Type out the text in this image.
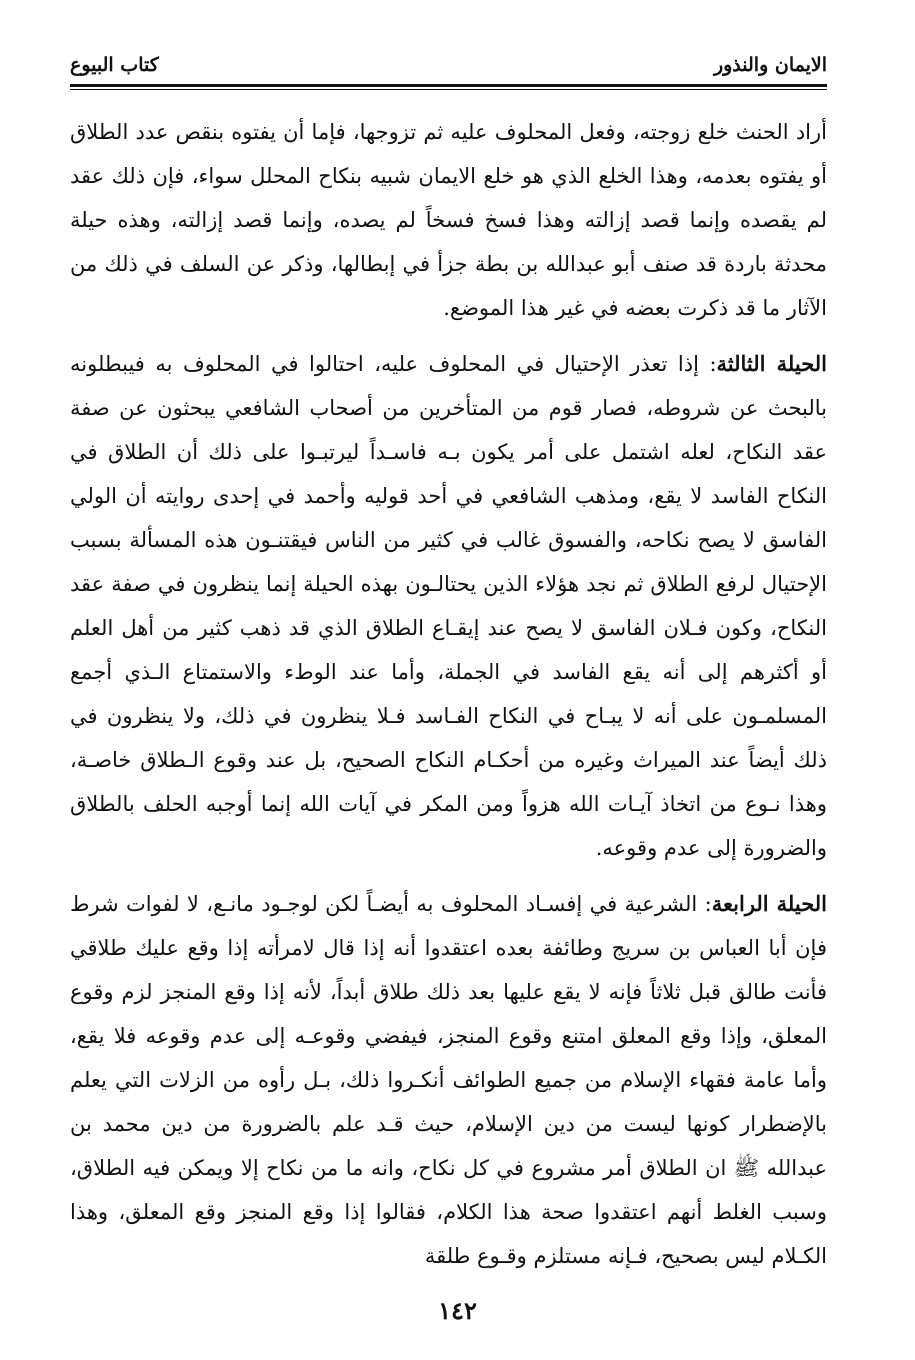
كتاب البيوع	الايمان والنذور

أراد الحنث خلع زوجته، وفعل المحلوف عليه ثم تزوجها، فإما أن يفتوه بنقص عدد الطلاق أو يفتوه بعدمه، وهذا الخلع الذي هو خلع الايمان شبيه بنكاح المحلل سواء، فإن ذلك عقد لم يقصده وإنما قصد إزالته وهذا فسخ فسخاً لم يصده، وإنما قصد إزالته، وهذه حيلة محدثة باردة قد صنف أبو عبدالله بن بطة جزأ في إبطالها، وذكر عن السلف في ذلك من الآثار ما قد ذكرت بعضه في غير هذا الموضع.

الحيلة الثالثة: إذا تعذر الإحتيال في المحلوف عليه، احتالوا في المحلوف به فيبطلونه بالبحث عن شروطه، فصار قوم من المتأخرين من أصحاب الشافعي يبحثون عن صفة عقد النكاح، لعله اشتمل على أمر يكون بـه فاسـداً ليرتبـوا على ذلك أن الطلاق في النكاح الفاسد لا يقع، ومذهب الشافعي في أحد قوليه وأحمد في إحدى روايته أن الولي الفاسق لا يصح نكاحه، والفسوق غالب في كثير من الناس فيقتنـون هذه المسألة بسبب الإحتيال لرفع الطلاق ثم نجد هؤلاء الذين يحتالـون بهذه الحيلة إنما ينظرون في صفة عقد النكاح، وكون فـلان الفاسق لا يصح عند إيقـاع الطلاق الذي قد ذهب كثير من أهل العلم أو أكثرهم إلى أنه يقع الفاسد في الجملة، وأما عند الوطء والاستمتاع الـذي أجمع المسلمـون على أنه لا يبـاح في النكاح الفـاسد فـلا ينظرون في ذلك، ولا ينظرون في ذلك أيضاً عند الميراث وغيره من أحكـام النكاح الصحيح، بل عند وقوع الـطلاق خاصـة، وهذا نـوع من اتخاذ آيـات الله هزواً ومن المكر في آيات الله إنما أوجبه الحلف بالطلاق والضرورة إلى عدم وقوعه.

الحيلة الرابعة: الشرعية في إفسـاد المحلوف به أيضـاً لكن لوجـود مانـع، لا لفوات شرط فإن أبا العباس بن سريج وطائفة بعده اعتقدوا أنه إذا قال لامرأته إذا وقع عليك طلاقي فأنت طالق قبل ثلاثاً فإنه لا يقع عليها بعد ذلك طلاق أبداً، لأنه إذا وقع المنجز لزم وقوع المعلق، وإذا وقع المعلق امتنع وقوع المنجز، فيفضي وقوعـه إلى عدم وقوعه فلا يقع، وأما عامة فقهاء الإسلام من جميع الطوائف أنكـروا ذلك، بـل رأوه من الزلات التي يعلم بالإضطرار كونها ليست من دين الإسلام، حيث قـد علم بالضرورة من دين محمد بن عبدالله ﷺ ان الطلاق أمر مشروع في كل نكاح، وانه ما من نكاح إلا ويمكن فيه الطلاق، وسبب الغلط أنهم اعتقدوا صحة هذا الكلام، فقالوا إذا وقع المنجز وقع المعلق، وهذا الكـلام ليس بصحيح، فـإنه مستلزم وقـوع طلقة

١٤٢
